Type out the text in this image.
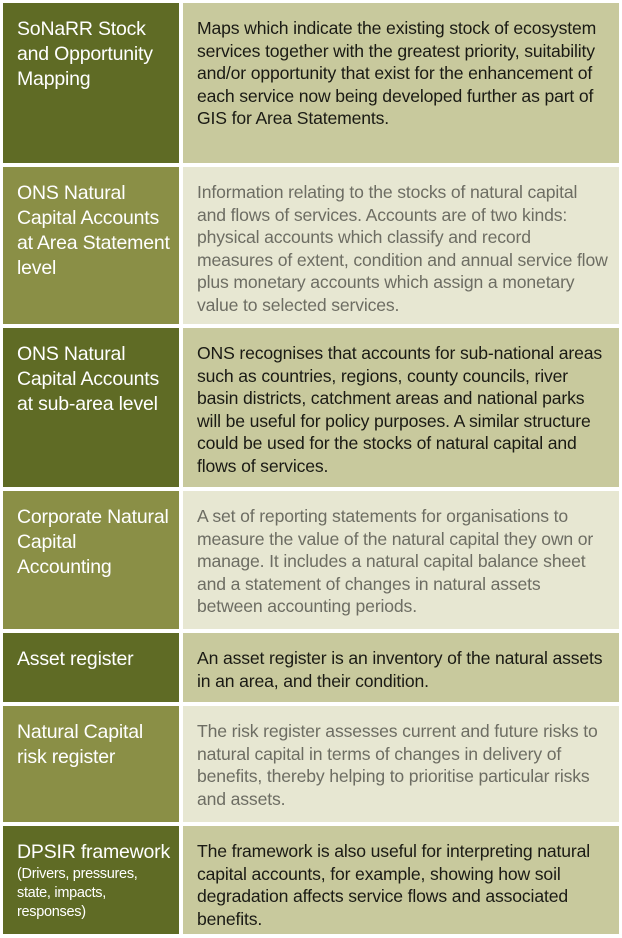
SoNaRR Stock and Opportunity Mapping
Maps which indicate the existing stock of ecosystem services together with the greatest priority, suitability and/or opportunity that exist for the enhancement of each service now being developed further as part of GIS for Area Statements.
ONS Natural Capital Accounts at Area Statement level
Information relating to the stocks of natural capital and flows of services. Accounts are of two kinds: physical accounts which classify and record measures of extent, condition and annual service flow plus monetary accounts which assign a monetary value to selected services.
ONS Natural Capital Accounts at sub-area level
ONS recognises that accounts for sub-national areas such as countries, regions, county councils, river basin districts, catchment areas and national parks will be useful for policy purposes. A similar structure could be used for the stocks of natural capital and flows of services.
Corporate Natural Capital Accounting
A set of reporting statements for organisations to measure the value of the natural capital they own or manage. It includes a natural capital balance sheet and a statement of changes in natural assets between accounting periods.
Asset register	An asset register is an inventory of the natural assets in an area, and their condition.
Natural Capital risk register
The risk register assesses current and future risks to natural capital in terms of changes in delivery of benefits, thereby helping to prioritise particular risks and assets.
DPSIR framework
(Drivers, pressures, state, impacts, responses)
The framework is also useful for interpreting natural capital accounts, for example, showing how soil degradation affects service flows and associated benefits.
